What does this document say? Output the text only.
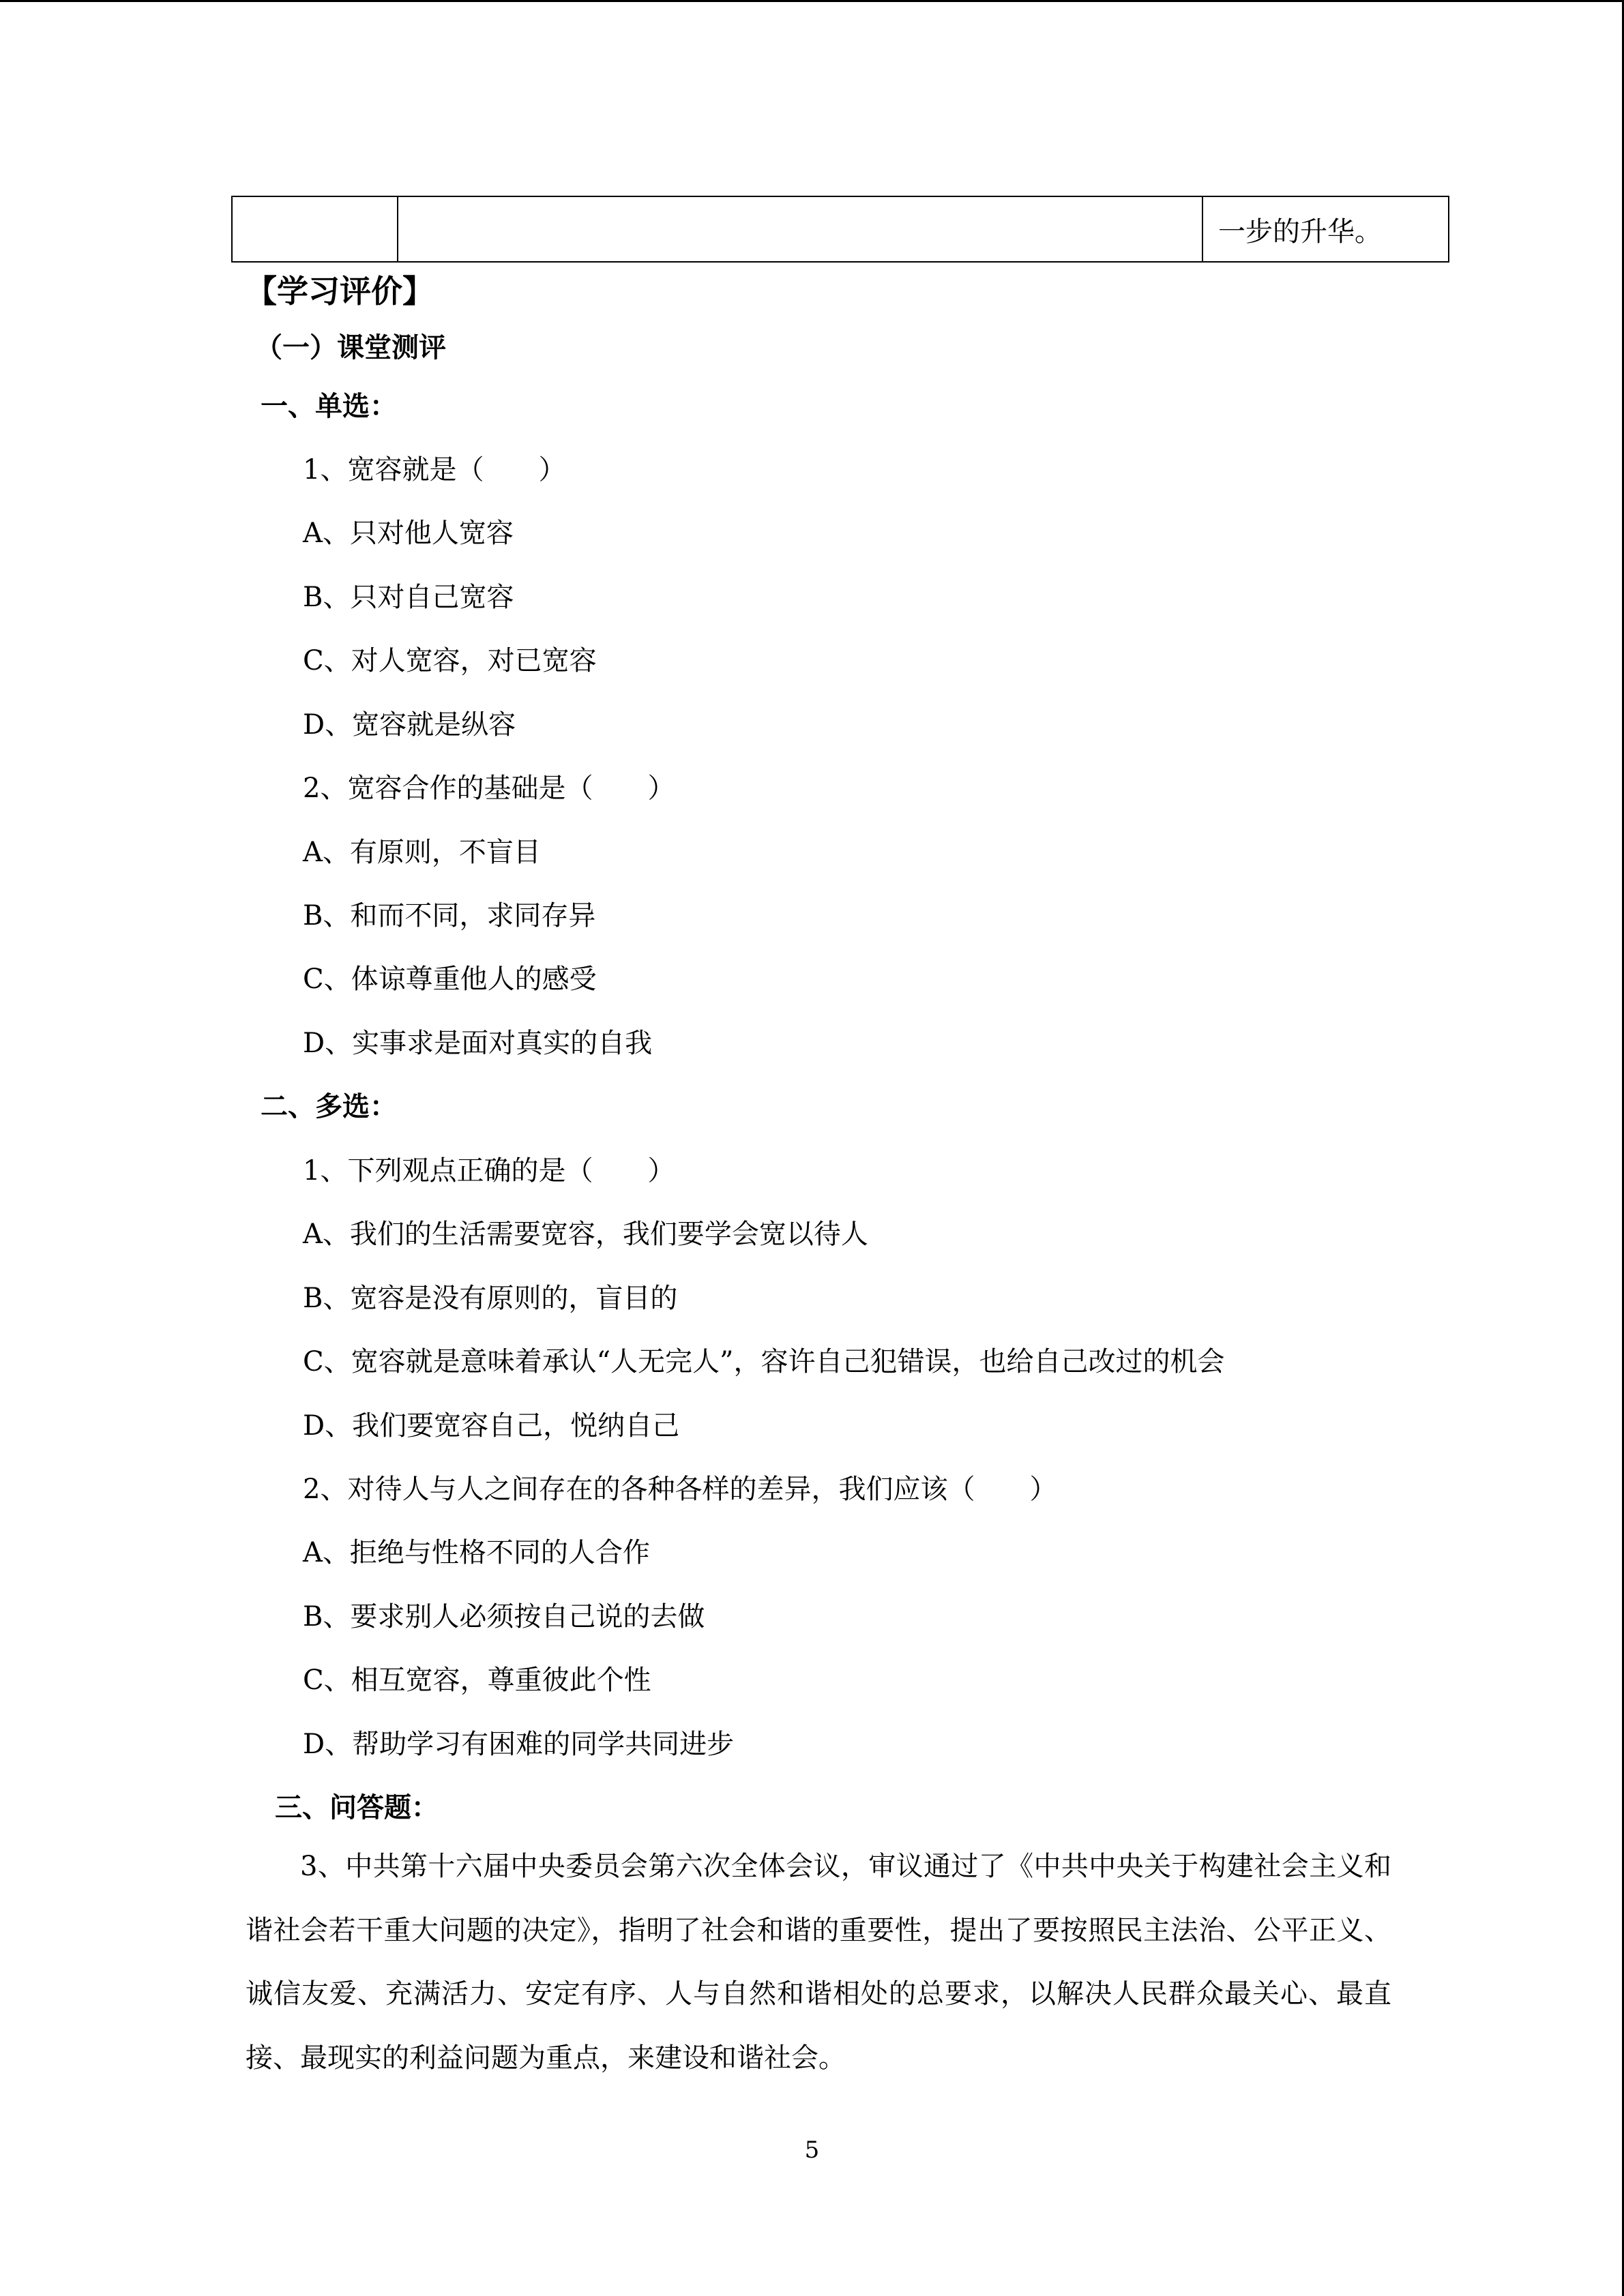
		一步的升华。
【学习评价】
（一）课堂测评
一、单选：
1、宽容就是（　　）
A、只对他人宽容
B、只对自己宽容
C、对人宽容，对已宽容
D、宽容就是纵容
2、宽容合作的基础是（　　）
A、有原则，不盲目
B、和而不同，求同存异
C、体谅尊重他人的感受
D、实事求是面对真实的自我
二、多选：
1、下列观点正确的是（　　）
A、我们的生活需要宽容，我们要学会宽以待人
B、宽容是没有原则的，盲目的
C、宽容就是意味着承认“人无完人”，容许自己犯错误，也给自己改过的机会
D、我们要宽容自己，悦纳自己
2、对待人与人之间存在的各种各样的差异，我们应该（　　）
A、拒绝与性格不同的人合作
B、要求别人必须按自己说的去做
C、相互宽容，尊重彼此个性
D、帮助学习有困难的同学共同进步
三、问答题：

3、中共第十六届中央委员会第六次全体会议，审议通过了《中共中央关于构建社会主义和谐社会若干重大问题的决定》，指明了社会和谐的重要性，提出了要按照民主法治、公平正义、诚信友爱、充满活力、安定有序、人与自然和谐相处的总要求，以解决人民群众最关心、最直接、最现实的利益问题为重点，来建设和谐社会。

5
